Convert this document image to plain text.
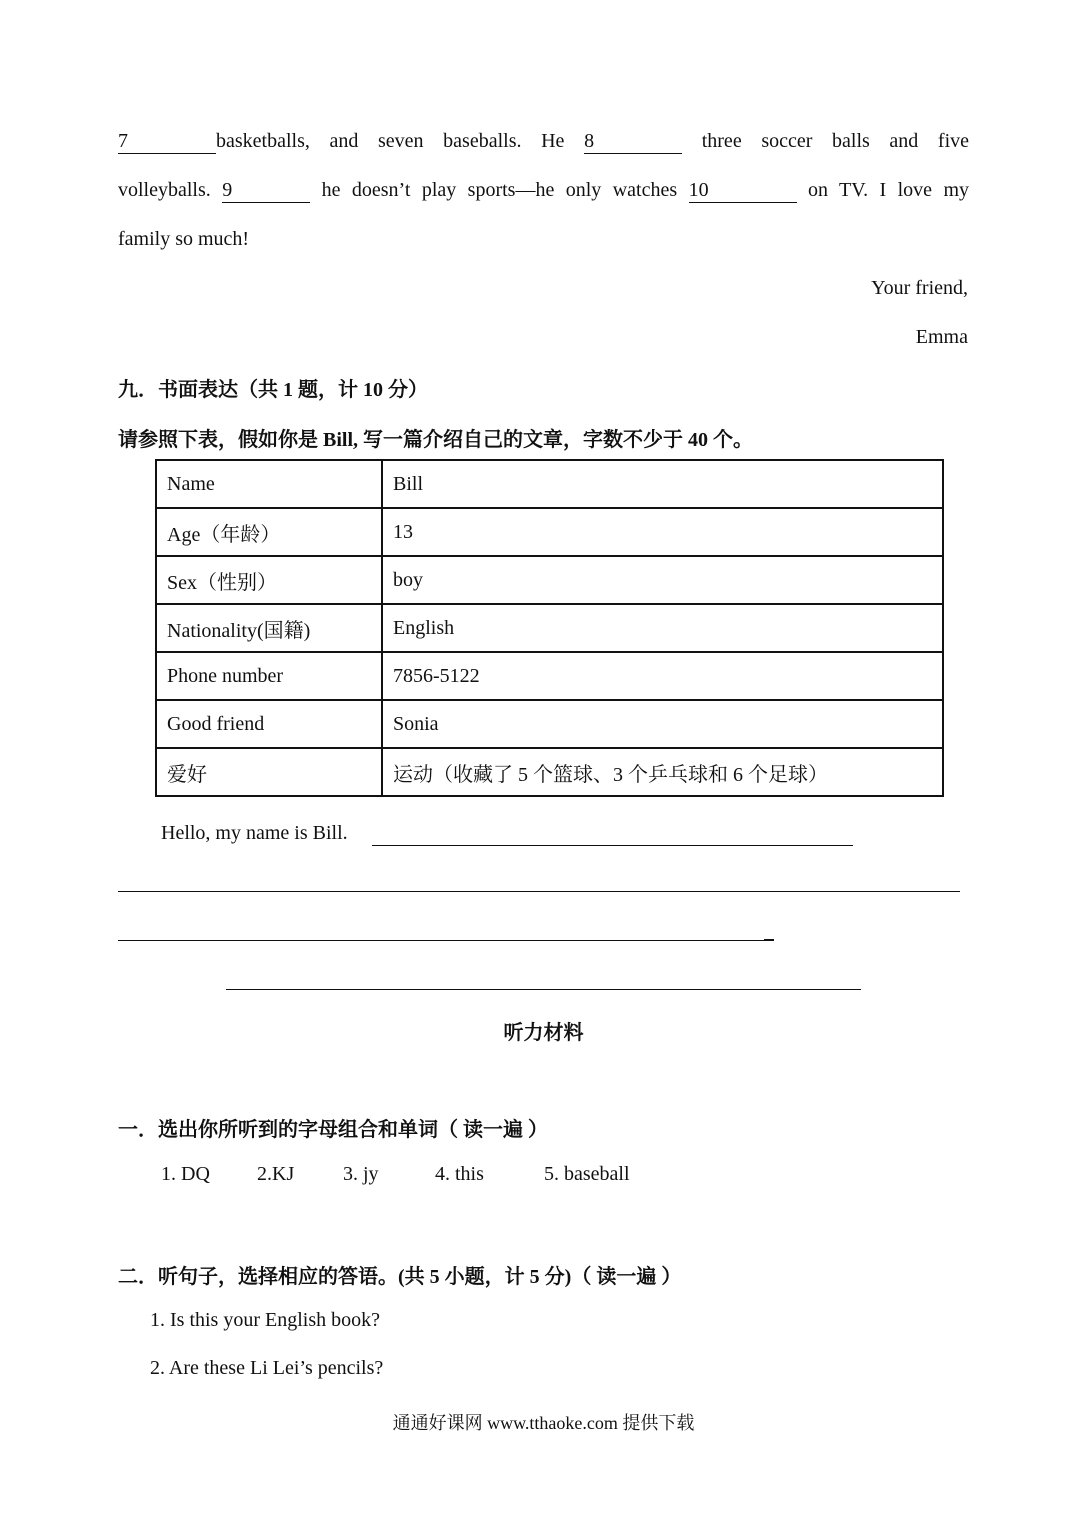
7	basketballs, and seven baseballs. He 8	three soccer balls and five
volleyballs. 9	he doesn’t play sports—he only watches 10	on TV. I love my
family so much!
Your friend,
Emma
九．书面表达（共 1 题，计 10 分）
请参照下表，假如你是 Bill, 写一篇介绍自己的文章，字数不少于 40 个。
Name	Bill
Age（年龄）	13
Sex（性别）	boy
Nationality(国籍)	English
Phone number	7856-5122
Good friend	Sonia
爱好	运动（收藏了 5 个篮球、3 个乒乓球和 6 个足球）
Hello, my name is Bill.
听力材料
一．选出你所听到的字母组合和单词（ 读一遍 ）
1. DQ 2.KJ 3. jy	4. this	5. baseball
二．听句子，选择相应的答语。(共 5 小题，计 5 分)（ 读一遍 ）
1. Is this your English book?
2. Are these Li Lei’s pencils?
通通好课网 www.tthaoke.com 提供下载
